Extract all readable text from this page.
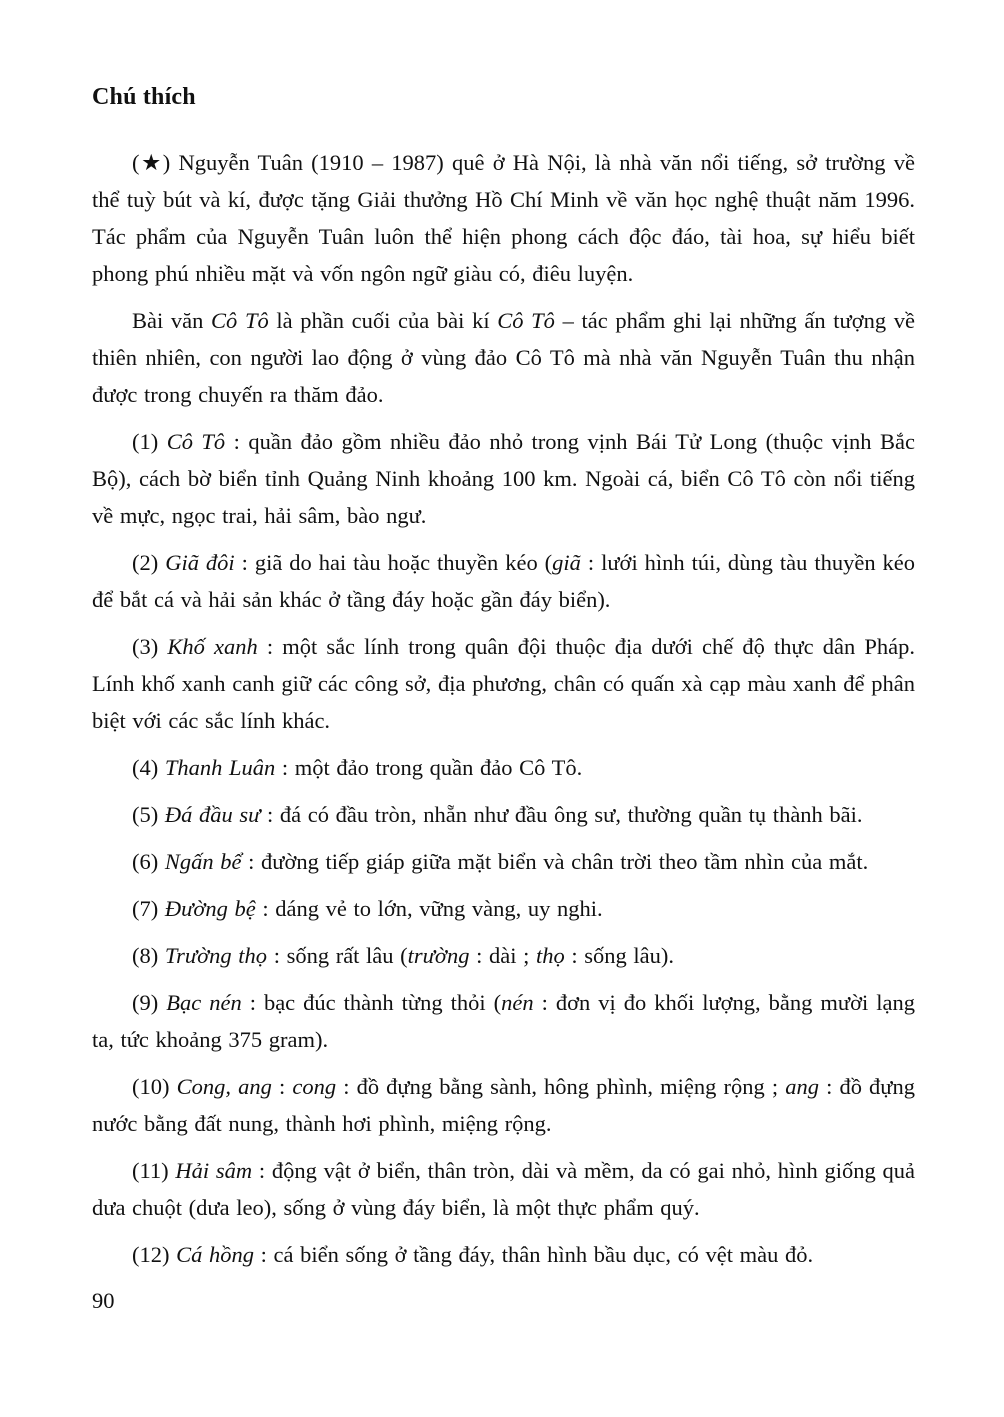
Chú thích

(★) Nguyễn Tuân (1910 – 1987) quê ở Hà Nội, là nhà văn nổi tiếng, sở trường về thể tuỳ bút và kí, được tặng Giải thưởng Hồ Chí Minh về văn học nghệ thuật năm 1996. Tác phẩm của Nguyễn Tuân luôn thể hiện phong cách độc đáo, tài hoa, sự hiểu biết phong phú nhiều mặt và vốn ngôn ngữ giàu có, điêu luyện.

Bài văn Cô Tô là phần cuối của bài kí Cô Tô – tác phẩm ghi lại những ấn tượng về thiên nhiên, con người lao động ở vùng đảo Cô Tô mà nhà văn Nguyễn Tuân thu nhận được trong chuyến ra thăm đảo.

(1) Cô Tô : quần đảo gồm nhiều đảo nhỏ trong vịnh Bái Tử Long (thuộc vịnh Bắc Bộ), cách bờ biển tỉnh Quảng Ninh khoảng 100 km. Ngoài cá, biển Cô Tô còn nổi tiếng về mực, ngọc trai, hải sâm, bào ngư.

(2) Giã đôi : giã do hai tàu hoặc thuyền kéo (giã : lưới hình túi, dùng tàu thuyền kéo để bắt cá và hải sản khác ở tầng đáy hoặc gần đáy biển).

(3) Khố xanh : một sắc lính trong quân đội thuộc địa dưới chế độ thực dân Pháp. Lính khố xanh canh giữ các công sở, địa phương, chân có quấn xà cạp màu xanh để phân biệt với các sắc lính khác.

(4) Thanh Luân : một đảo trong quần đảo Cô Tô.

(5) Đá đầu sư : đá có đầu tròn, nhẵn như đầu ông sư, thường quần tụ thành bãi.

(6) Ngấn bể : đường tiếp giáp giữa mặt biển và chân trời theo tầm nhìn của mắt.

(7) Đường bệ : dáng vẻ to lớn, vững vàng, uy nghi.

(8) Trường thọ : sống rất lâu (trường : dài ; thọ : sống lâu).

(9) Bạc nén : bạc đúc thành từng thỏi (nén : đơn vị đo khối lượng, bằng mười lạng ta, tức khoảng 375 gram).

(10) Cong, ang : cong : đồ đựng bằng sành, hông phình, miệng rộng ; ang : đồ đựng nước bằng đất nung, thành hơi phình, miệng rộng.

(11) Hải sâm : động vật ở biển, thân tròn, dài và mềm, da có gai nhỏ, hình giống quả dưa chuột (dưa leo), sống ở vùng đáy biển, là một thực phẩm quý.

(12) Cá hồng : cá biển sống ở tầng đáy, thân hình bầu dục, có vệt màu đỏ.

90
